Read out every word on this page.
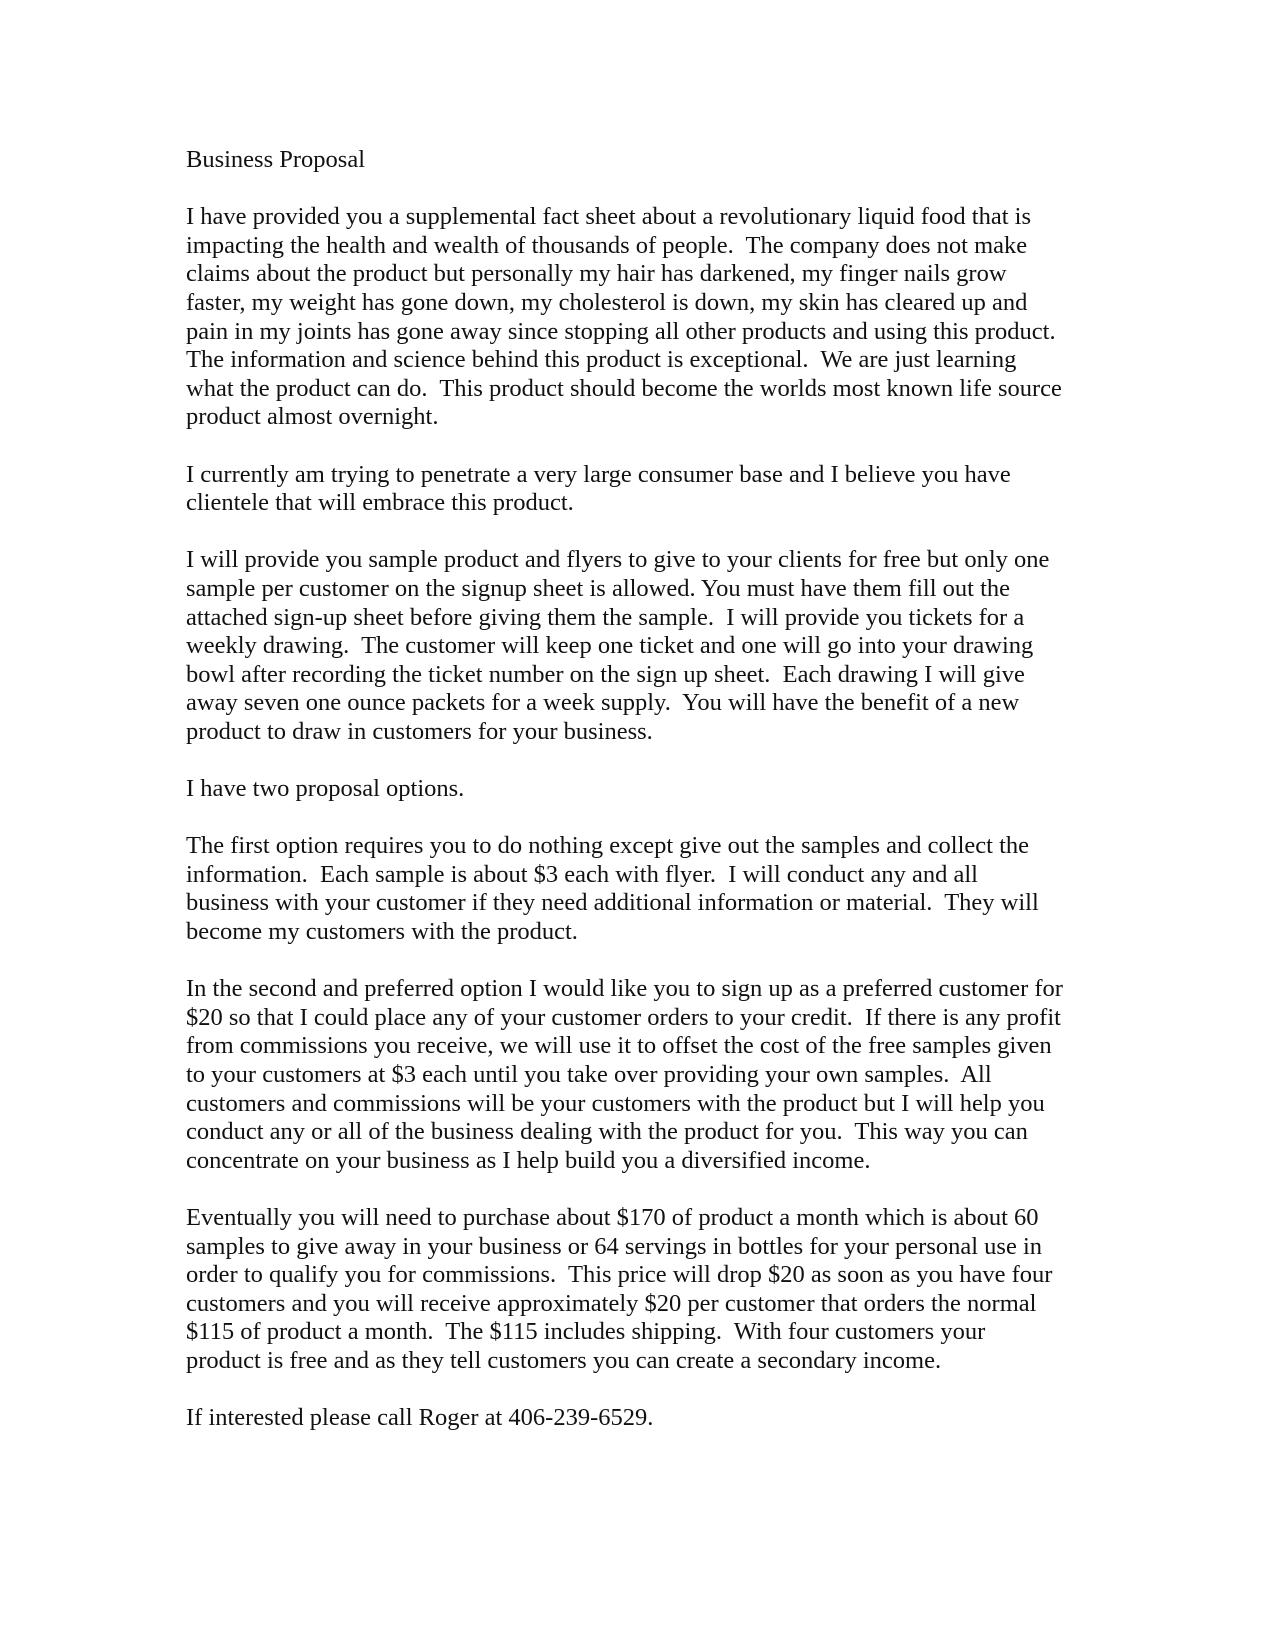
Business Proposal
I have provided you a supplemental fact sheet about a revolutionary liquid food that is
impacting the health and wealth of thousands of people.  The company does not make
claims about the product but personally my hair has darkened, my finger nails grow
faster, my weight has gone down, my cholesterol is down, my skin has cleared up and
pain in my joints has gone away since stopping all other products and using this product.
The information and science behind this product is exceptional.  We are just learning
what the product can do.  This product should become the worlds most known life source
product almost overnight.
I currently am trying to penetrate a very large consumer base and I believe you have
clientele that will embrace this product.
I will provide you sample product and flyers to give to your clients for free but only one
sample per customer on the signup sheet is allowed. You must have them fill out the
attached sign-up sheet before giving them the sample.  I will provide you tickets for a
weekly drawing.  The customer will keep one ticket and one will go into your drawing
bowl after recording the ticket number on the sign up sheet.  Each drawing I will give
away seven one ounce packets for a week supply.  You will have the benefit of a new
product to draw in customers for your business.
I have two proposal options.
The first option requires you to do nothing except give out the samples and collect the
information.  Each sample is about $3 each with flyer.  I will conduct any and all
business with your customer if they need additional information or material.  They will
become my customers with the product.
In the second and preferred option I would like you to sign up as a preferred customer for
$20 so that I could place any of your customer orders to your credit.  If there is any profit
from commissions you receive, we will use it to offset the cost of the free samples given
to your customers at $3 each until you take over providing your own samples.  All
customers and commissions will be your customers with the product but I will help you
conduct any or all of the business dealing with the product for you.  This way you can
concentrate on your business as I help build you a diversified income.
Eventually you will need to purchase about $170 of product a month which is about 60
samples to give away in your business or 64 servings in bottles for your personal use in
order to qualify you for commissions.  This price will drop $20 as soon as you have four
customers and you will receive approximately $20 per customer that orders the normal
$115 of product a month.  The $115 includes shipping.  With four customers your
product is free and as they tell customers you can create a secondary income.
If interested please call Roger at 406-239-6529.
